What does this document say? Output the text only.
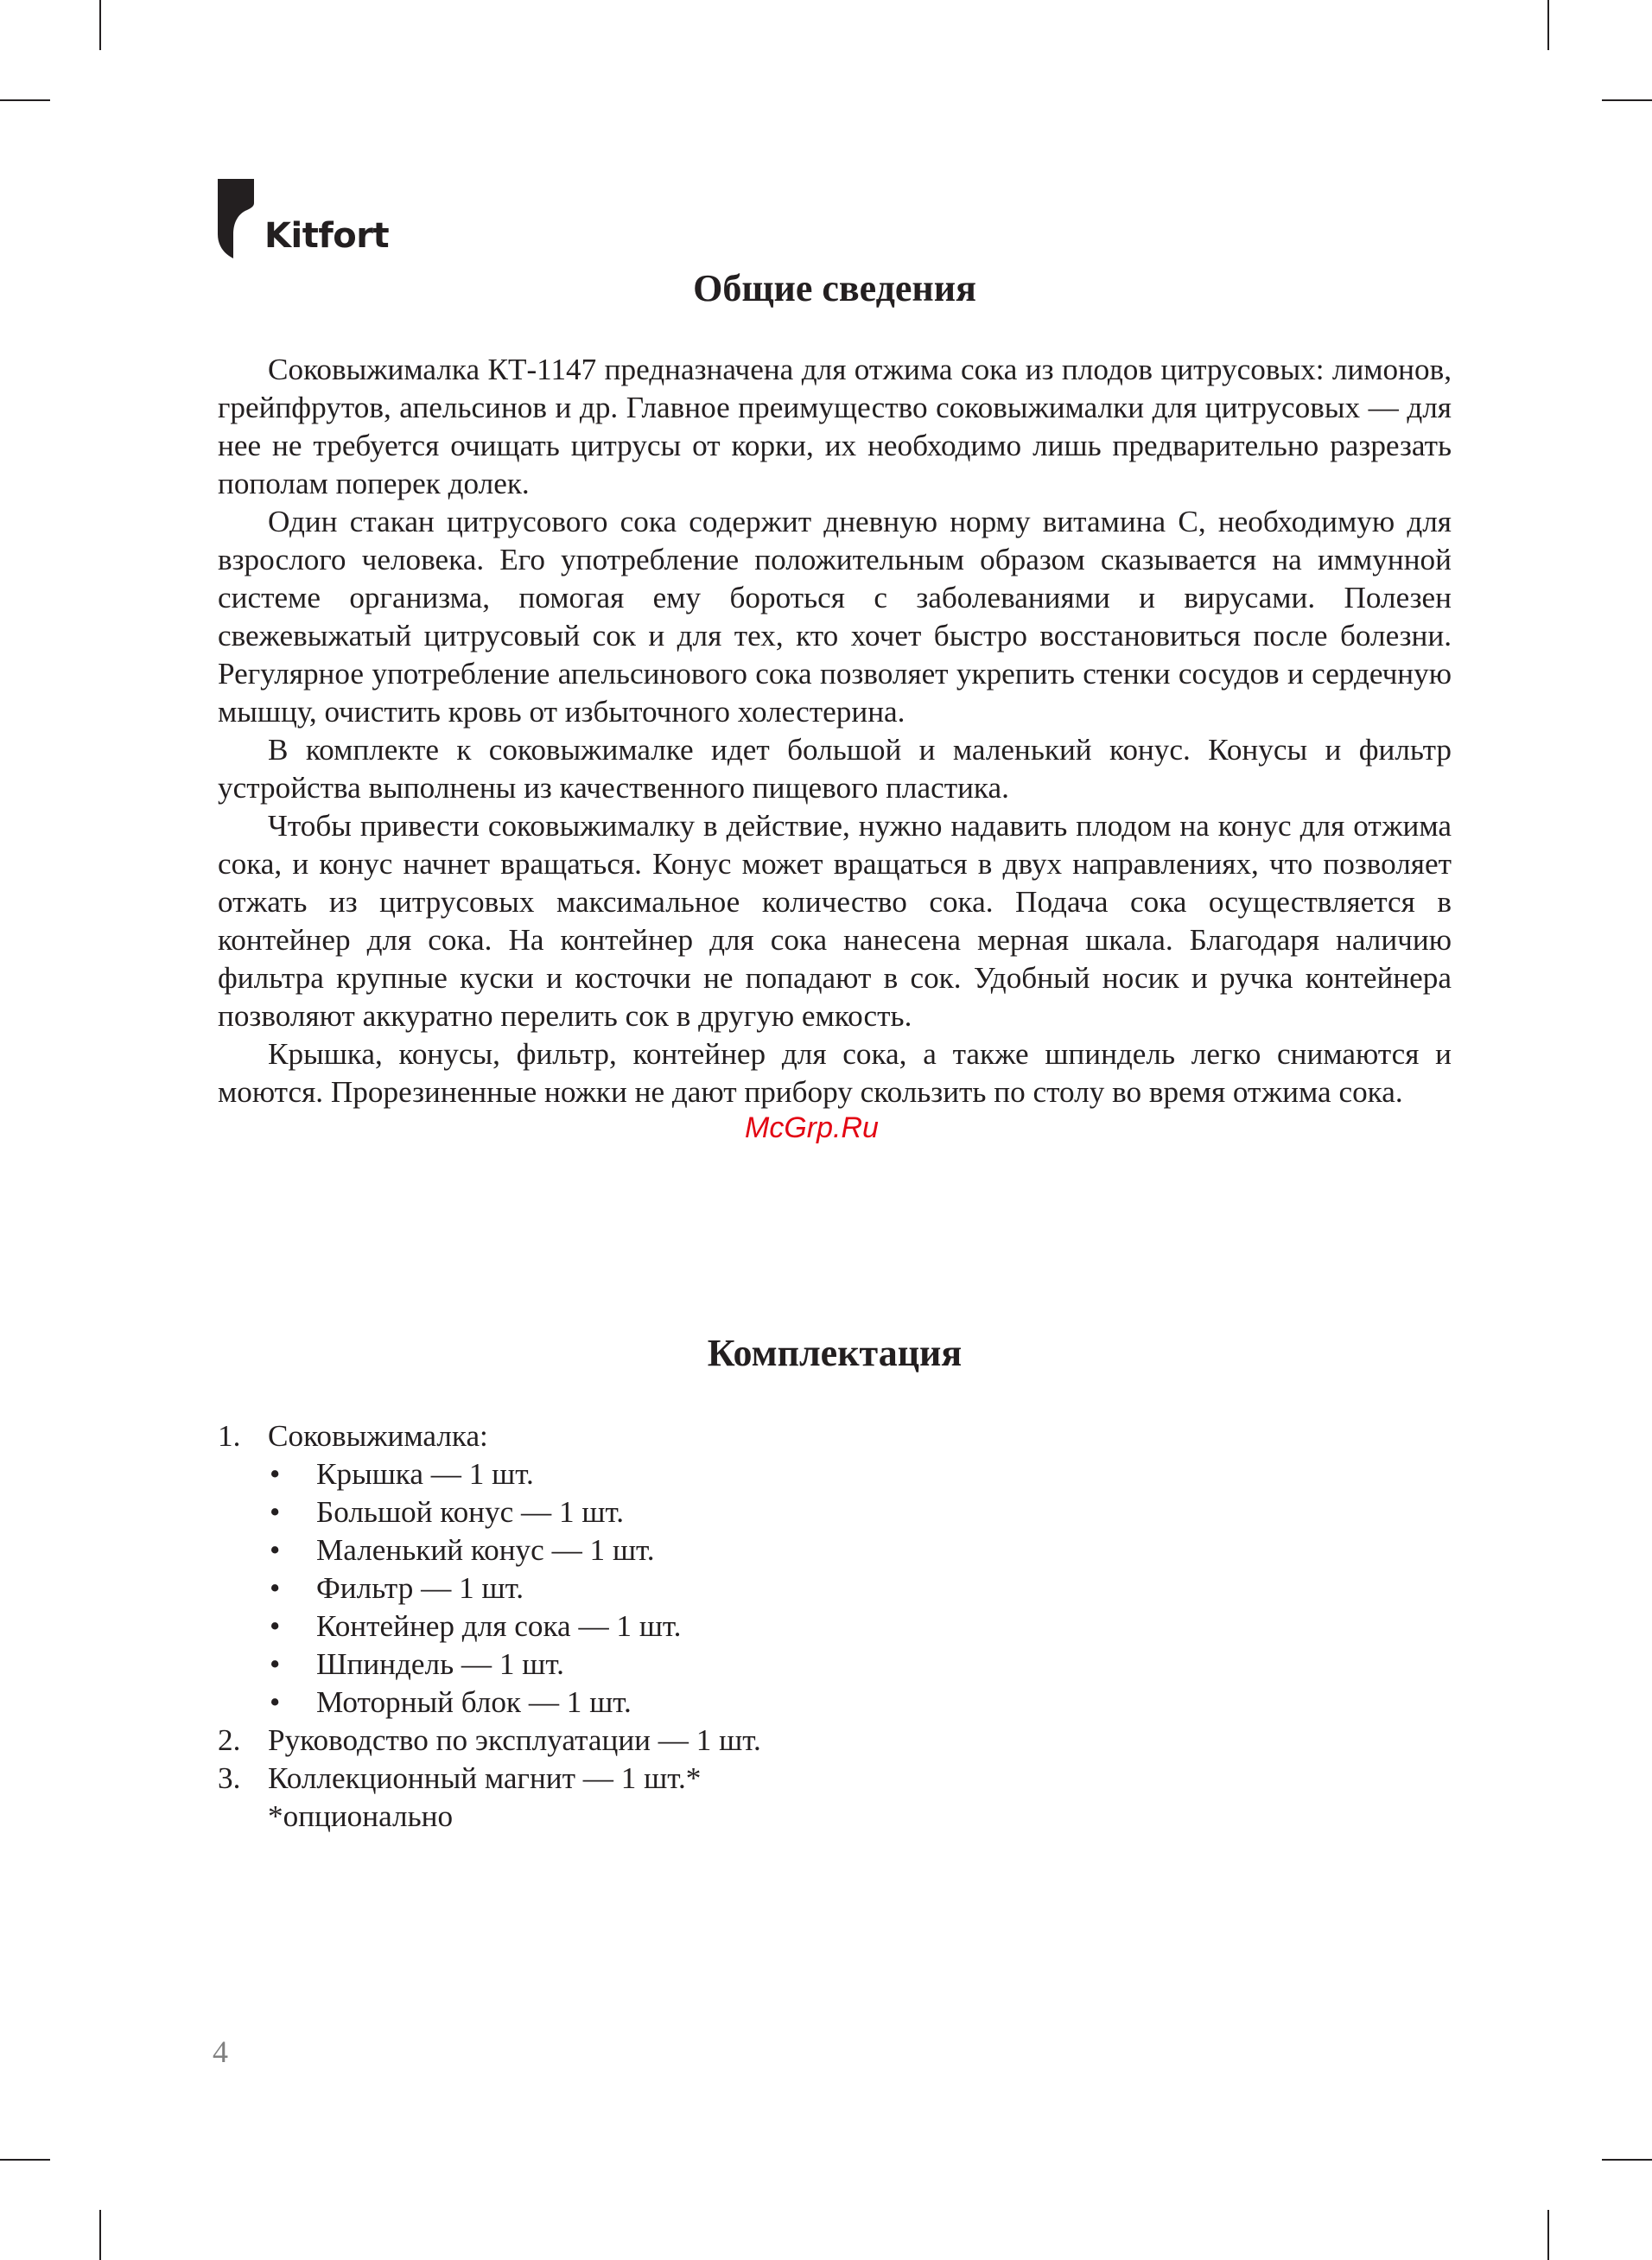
Kitfort
Общие сведения

Соковыжималка КТ-1147 предназначена для отжима сока из плодов цитрусовых: лимонов, грейпфрутов, апельсинов и др. Главное преимущество соковыжималки для цитрусовых — для нее не требуется очищать цитрусы от корки, их необходимо лишь предварительно разрезать пополам поперек долек.

Один стакан цитрусового сока содержит дневную норму витамина С, необходимую для взрослого человека. Его употребление положительным образом сказывается на иммунной системе организма, помогая ему бороться с заболеваниями и вирусами. Полезен свежевыжатый цитрусовый сок и для тех, кто хочет быстро восстановиться после болезни. Регулярное употребление апельсинового сока позволяет укрепить стенки сосудов и сердечную мышцу, очистить кровь от избыточного холестерина.

В комплекте к соковыжималке идет большой и маленький конус. Конусы и фильтр устройства выполнены из качественного пищевого пластика.

Чтобы привести соковыжималку в действие, нужно надавить плодом на конус для отжима сока, и конус начнет вращаться. Конус может вращаться в двух направлениях, что позволяет отжать из цитрусовых максимальное количество сока. Подача сока осуществляется в контейнер для сока. На контейнер для сока нанесена мерная шкала. Благодаря наличию фильтра крупные куски и косточки не попадают в сок. Удобный носик и ручка контейнера позволяют аккуратно перелить сок в другую емкость.

Крышка, конусы, фильтр, контейнер для сока, а также шпиндель легко снимаются и моются. Прорезиненные ножки не дают прибору скользить по столу во время отжима сока.

McGrp.Ru
Комплектация
1. Соковыжималка:
• Крышка — 1 шт.
• Большой конус — 1 шт.
• Маленький конус — 1 шт.
• Фильтр — 1 шт.
• Контейнер для сока — 1 шт.
• Шпиндель — 1 шт.
• Моторный блок — 1 шт.
2. Руководство по эксплуатации — 1 шт.
3. Коллекционный магнит — 1 шт.*
*опционально
4
